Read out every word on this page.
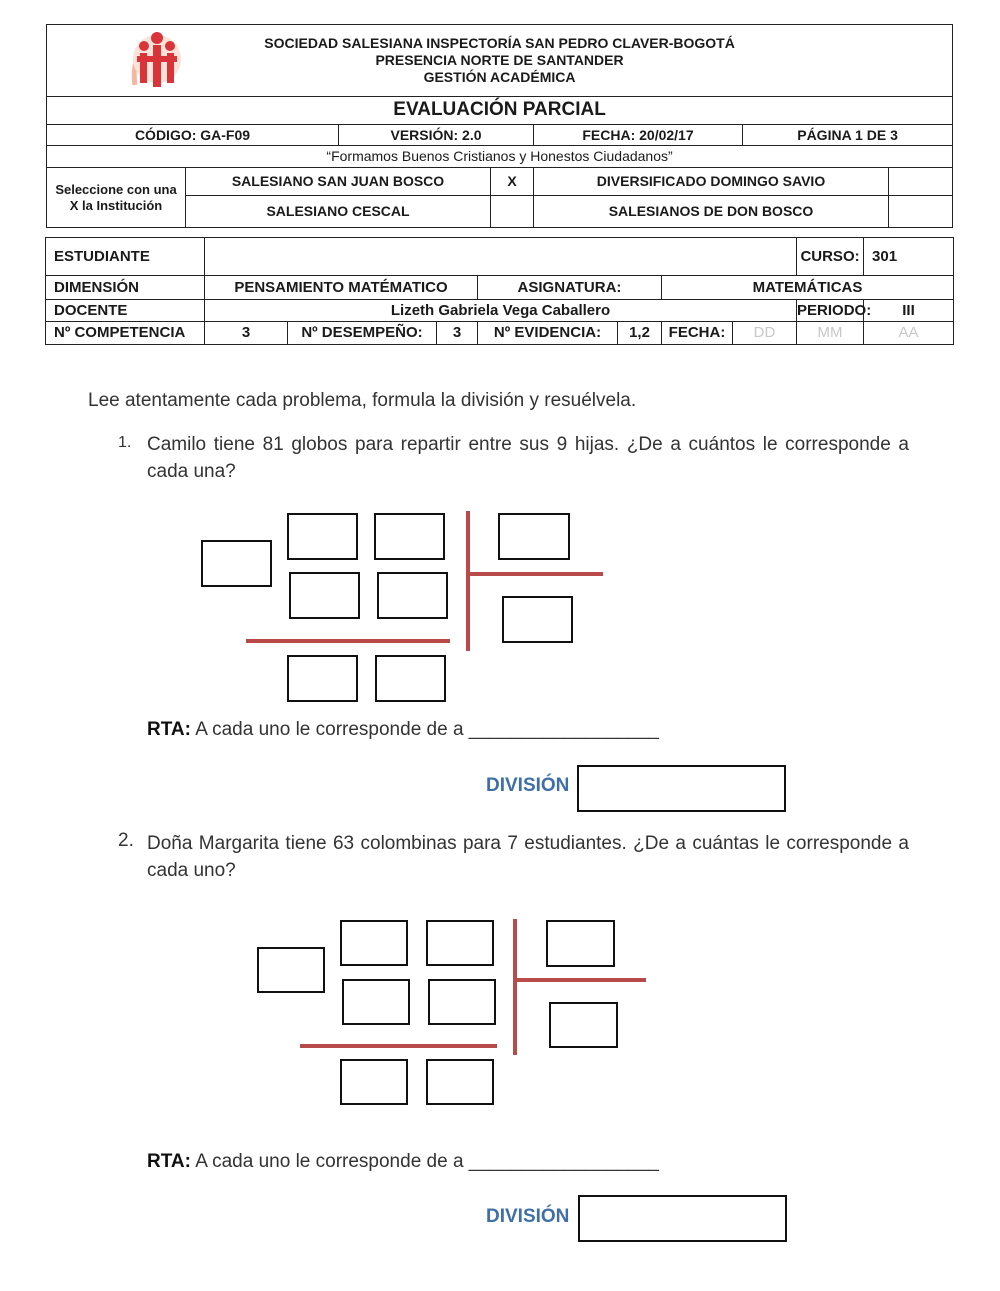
SOCIEDAD SALESIANA INSPECTORÍA SAN PEDRO CLAVER-BOGOTÁ
PRESENCIA NORTE DE SANTANDER
GESTIÓN ACADÉMICA						

EVALUACIÓN PARCIAL						
CÓDIGO: GA-F09		VERSIÓN: 2.0		FECHA: 20/02/17	PÁGINA 1 DE 3	
“Formamos Buenos Cristianos y Honestos Ciudadanos”						
Seleccione con una X la Institución	SALESIANO SAN JUAN BOSCO		X	DIVERSIFICADO DOMINGO SAVIO		
	SALESIANO CESCAL			SALESIANOS DE DON BOSCO		
ESTUDIANTE								CURSO:	301
DIMENSIÓN	PENSAMIENTO MATÉMATICO			ASIGNATURA:		MATEMÁTICAS			
DOCENTE	Lizeth Gabriela Vega Caballero							PERIODO:	III
Nº COMPETENCIA	3	Nº DESEMPEÑO:	3	Nº EVIDENCIA:	1,2	FECHA:	DD	MM	AA
Lee atentamente cada problema, formula la división y resuélvela.
1. Camilo tiene 81 globos para repartir entre sus 9 hijas. ¿De a cuántos le corresponde a cada una?
RTA: A cada uno le corresponde de a __________________
DIVISIÓN
2. Doña Margarita tiene 63 colombinas para 7 estudiantes. ¿De a cuántas le corresponde a cada uno?
RTA: A cada uno le corresponde de a __________________
DIVISIÓN
